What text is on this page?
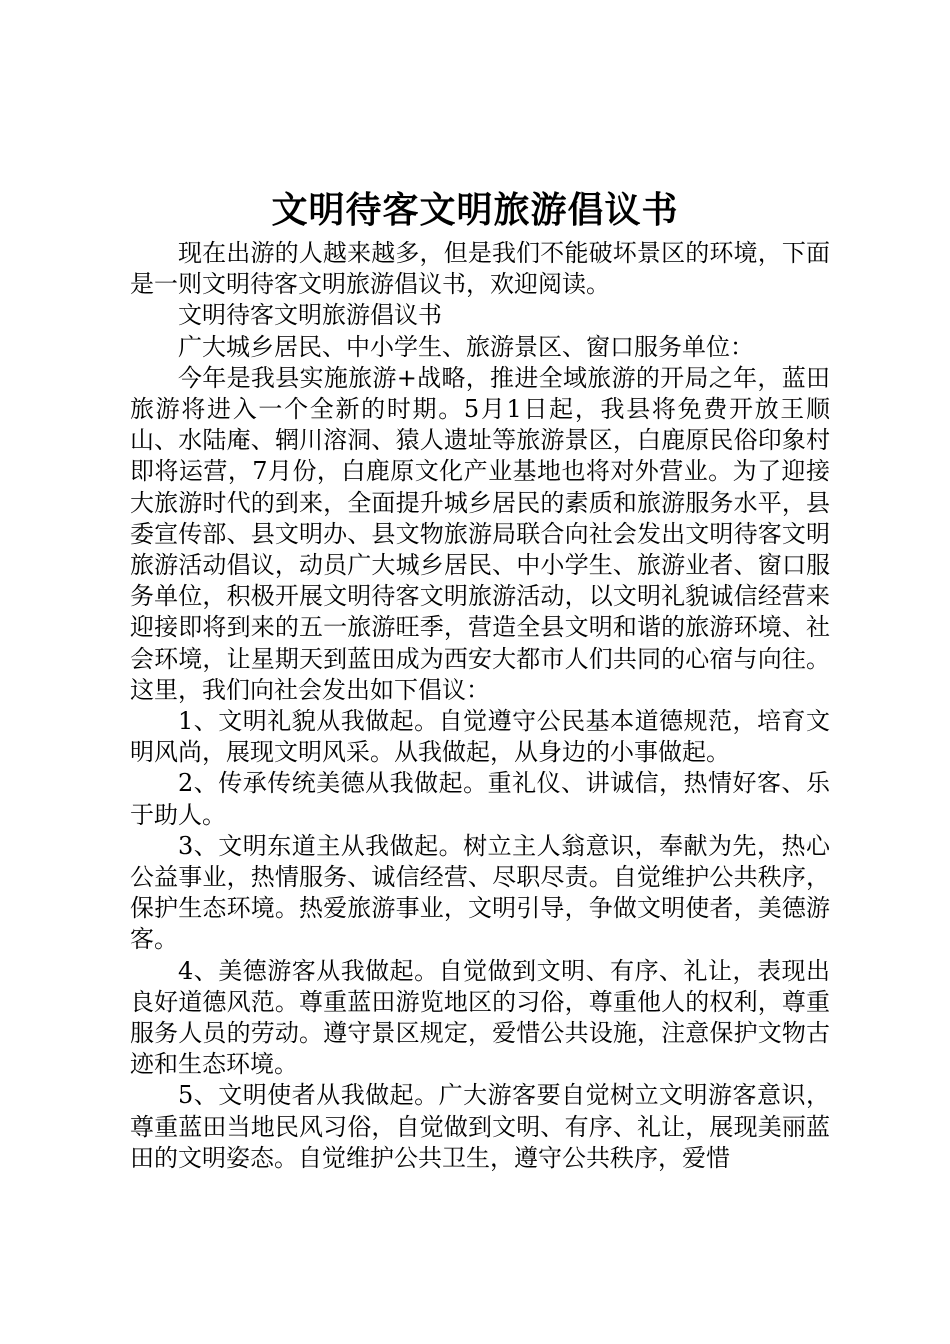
文明待客文明旅游倡议书

现在出游的人越来越多，但是我们不能破坏景区的环境，下面是一则文明待客文明旅游倡议书，欢迎阅读。

文明待客文明旅游倡议书

广大城乡居民、中小学生、旅游景区、窗口服务单位：

今年是我县实施旅游+战略，推进全域旅游的开局之年，蓝田旅游将进入一个全新的时期。5月1日起，我县将免费开放王顺山、水陆庵、辋川溶洞、猿人遗址等旅游景区，白鹿原民俗印象村即将运营，7月份，白鹿原文化产业基地也将对外营业。为了迎接大旅游时代的到来，全面提升城乡居民的素质和旅游服务水平，县委宣传部、县文明办、县文物旅游局联合向社会发出文明待客文明旅游活动倡议，动员广大城乡居民、中小学生、旅游业者、窗口服务单位，积极开展文明待客文明旅游活动，以文明礼貌诚信经营来迎接即将到来的五一旅游旺季，营造全县文明和谐的旅游环境、社会环境，让星期天到蓝田成为西安大都市人们共同的心宿与向往。这里，我们向社会发出如下倡议：

1、文明礼貌从我做起。自觉遵守公民基本道德规范，培育文明风尚，展现文明风采。从我做起，从身边的小事做起。

2、传承传统美德从我做起。重礼仪、讲诚信，热情好客、乐于助人。

3、文明东道主从我做起。树立主人翁意识，奉献为先，热心公益事业，热情服务、诚信经营、尽职尽责。自觉维护公共秩序，保护生态环境。热爱旅游事业，文明引导，争做文明使者，美德游客。

4、美德游客从我做起。自觉做到文明、有序、礼让，表现出良好道德风范。尊重蓝田游览地区的习俗，尊重他人的权利，尊重服务人员的劳动。遵守景区规定，爱惜公共设施，注意保护文物古迹和生态环境。

5、文明使者从我做起。广大游客要自觉树立文明游客意识，尊重蓝田当地民风习俗，自觉做到文明、有序、礼让，展现美丽蓝田的文明姿态。自觉维护公共卫生，遵守公共秩序，爱惜
